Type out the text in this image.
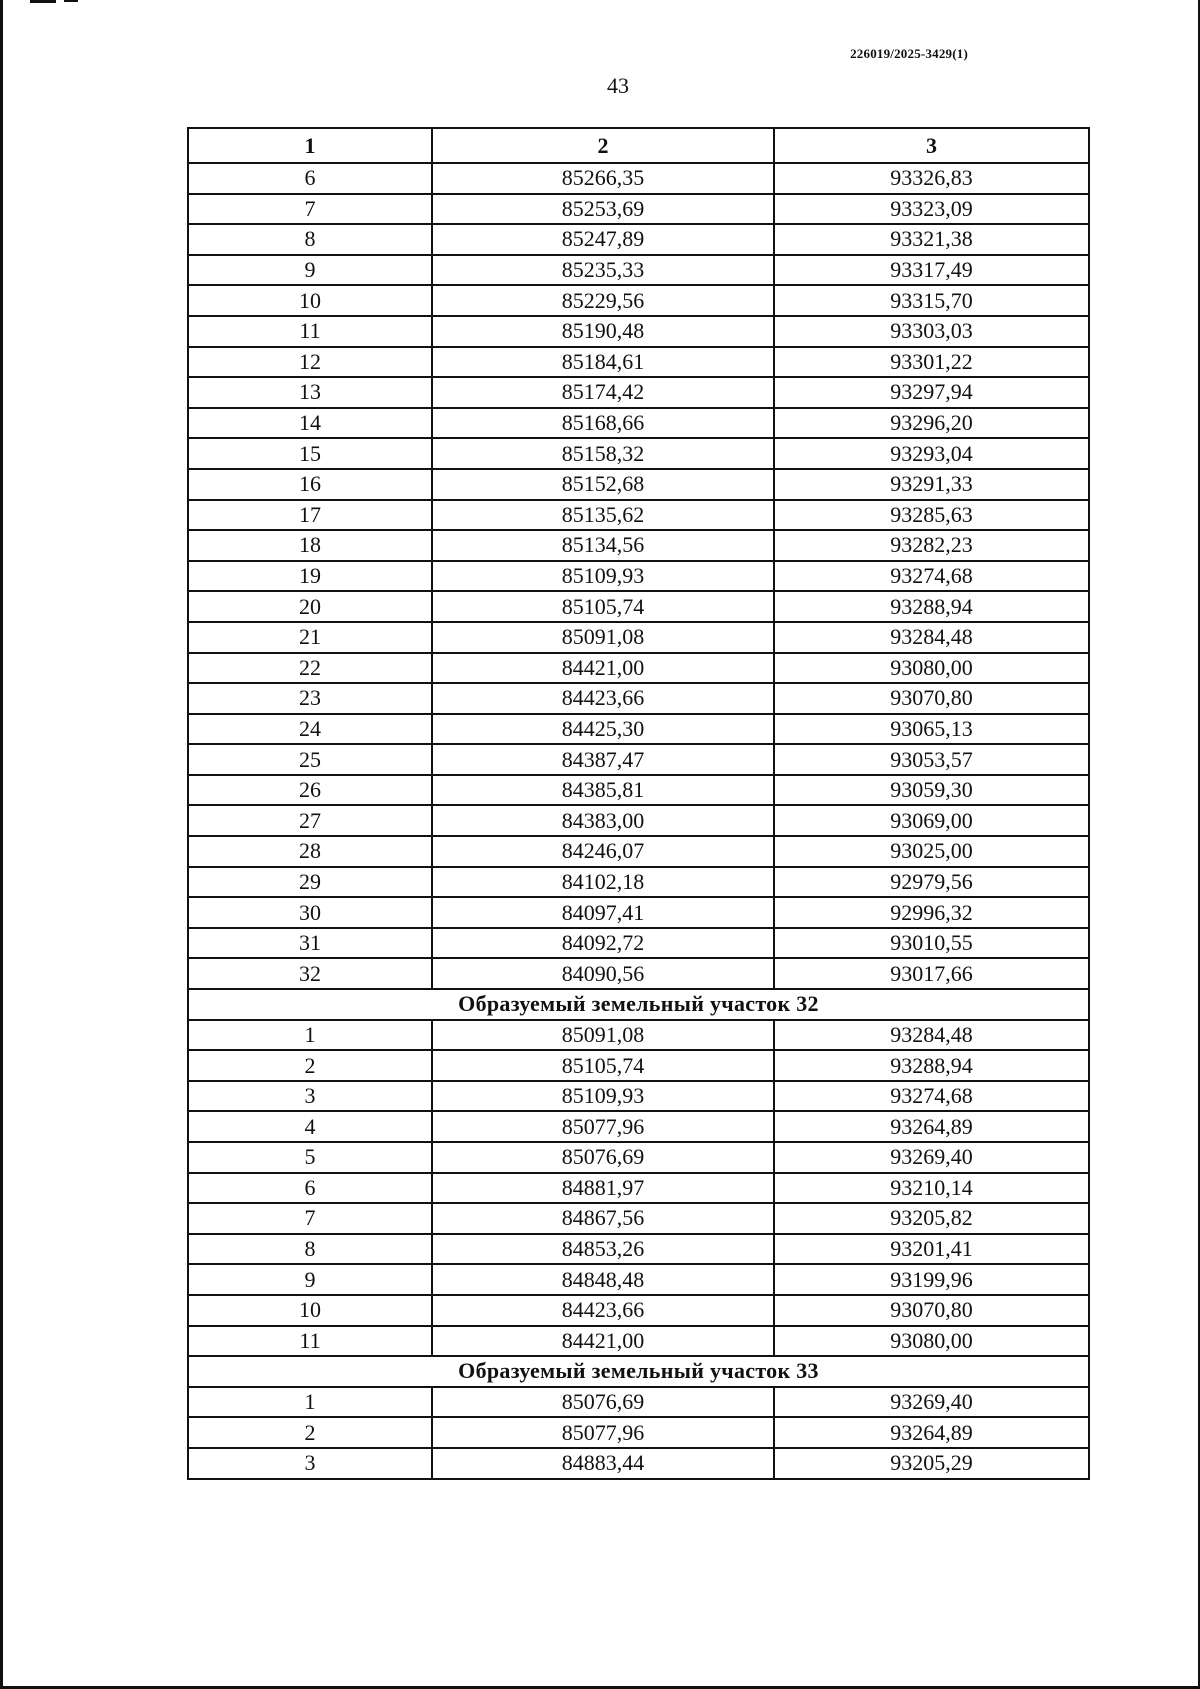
226019/2025-3429(1)
43
1	2	3
6	85266,35	93326,83
7	85253,69	93323,09
8	85247,89	93321,38
9	85235,33	93317,49
10	85229,56	93315,70
11	85190,48	93303,03
12	85184,61	93301,22
13	85174,42	93297,94
14	85168,66	93296,20
15	85158,32	93293,04
16	85152,68	93291,33
17	85135,62	93285,63
18	85134,56	93282,23
19	85109,93	93274,68
20	85105,74	93288,94
21	85091,08	93284,48
22	84421,00	93080,00
23	84423,66	93070,80
24	84425,30	93065,13
25	84387,47	93053,57
26	84385,81	93059,30
27	84383,00	93069,00
28	84246,07	93025,00
29	84102,18	92979,56
30	84097,41	92996,32
31	84092,72	93010,55
32	84090,56	93017,66
Образуемый земельный участок 32		
1	85091,08	93284,48
2	85105,74	93288,94
3	85109,93	93274,68
4	85077,96	93264,89
5	85076,69	93269,40
6	84881,97	93210,14
7	84867,56	93205,82
8	84853,26	93201,41
9	84848,48	93199,96
10	84423,66	93070,80
11	84421,00	93080,00
Образуемый земельный участок 33		
1	85076,69	93269,40
2	85077,96	93264,89
3	84883,44	93205,29
